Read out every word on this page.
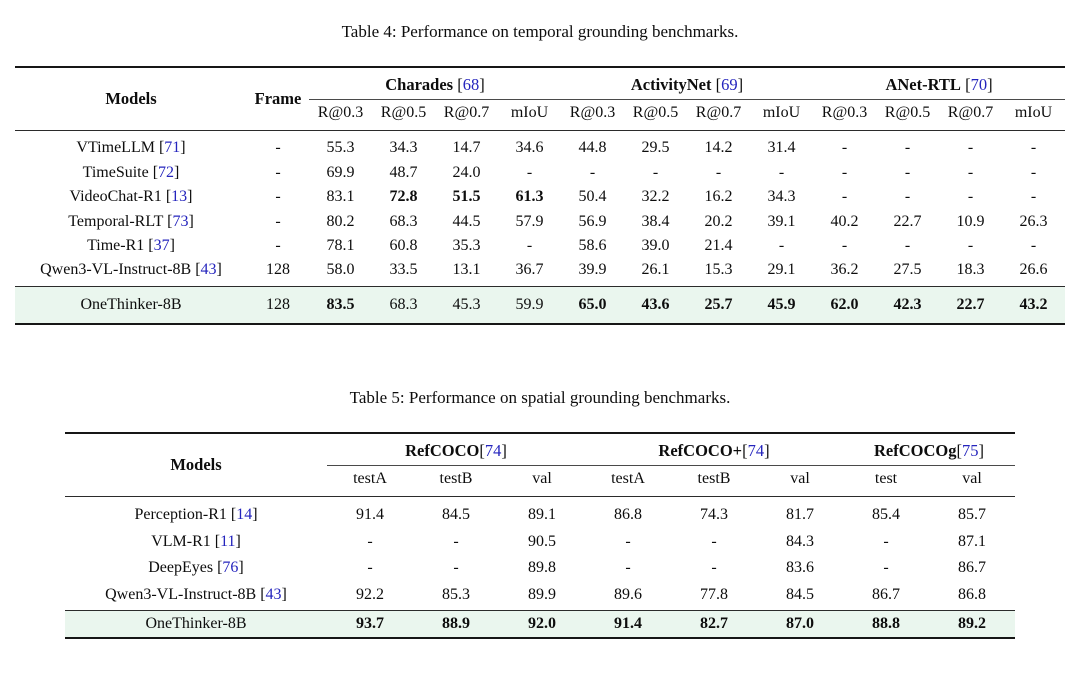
Table 4: Performance on temporal grounding benchmarks.
Models	Frame	Charades [68]				ActivityNet [69]				ANet-RTL [70]			
		R@0.3	R@0.5	R@0.7	mIoU	R@0.3	R@0.5	R@0.7	mIoU	R@0.3	R@0.5	R@0.7	mIoU
VTimeLLM [71]	-	55.3	34.3	14.7	34.6	44.8	29.5	14.2	31.4	-	-	-	-
TimeSuite [72]	-	69.9	48.7	24.0	-	-	-	-	-	-	-	-	-
VideoChat-R1 [13]	-	83.1	72.8	51.5	61.3	50.4	32.2	16.2	34.3	-	-	-	-
Temporal-RLT [73]	-	80.2	68.3	44.5	57.9	56.9	38.4	20.2	39.1	40.2	22.7	10.9	26.3
Time-R1 [37]	-	78.1	60.8	35.3	-	58.6	39.0	21.4	-	-	-	-	-
Qwen3-VL-Instruct-8B [43]	128	58.0	33.5	13.1	36.7	39.9	26.1	15.3	29.1	36.2	27.5	18.3	26.6
OneThinker-8B	128	83.5	68.3	45.3	59.9	65.0	43.6	25.7	45.9	62.0	42.3	22.7	43.2
Table 5: Performance on spatial grounding benchmarks.
Models	RefCOCO[74]			RefCOCO+[74]			RefCOCOg[75]	
	testA	testB	val	testA	testB	val	test	val
Perception-R1 [14]	91.4	84.5	89.1	86.8	74.3	81.7	85.4	85.7
VLM-R1 [11]	-	-	90.5	-	-	84.3	-	87.1
DeepEyes [76]	-	-	89.8	-	-	83.6	-	86.7
Qwen3-VL-Instruct-8B [43]	92.2	85.3	89.9	89.6	77.8	84.5	86.7	86.8
OneThinker-8B	93.7	88.9	92.0	91.4	82.7	87.0	88.8	89.2
